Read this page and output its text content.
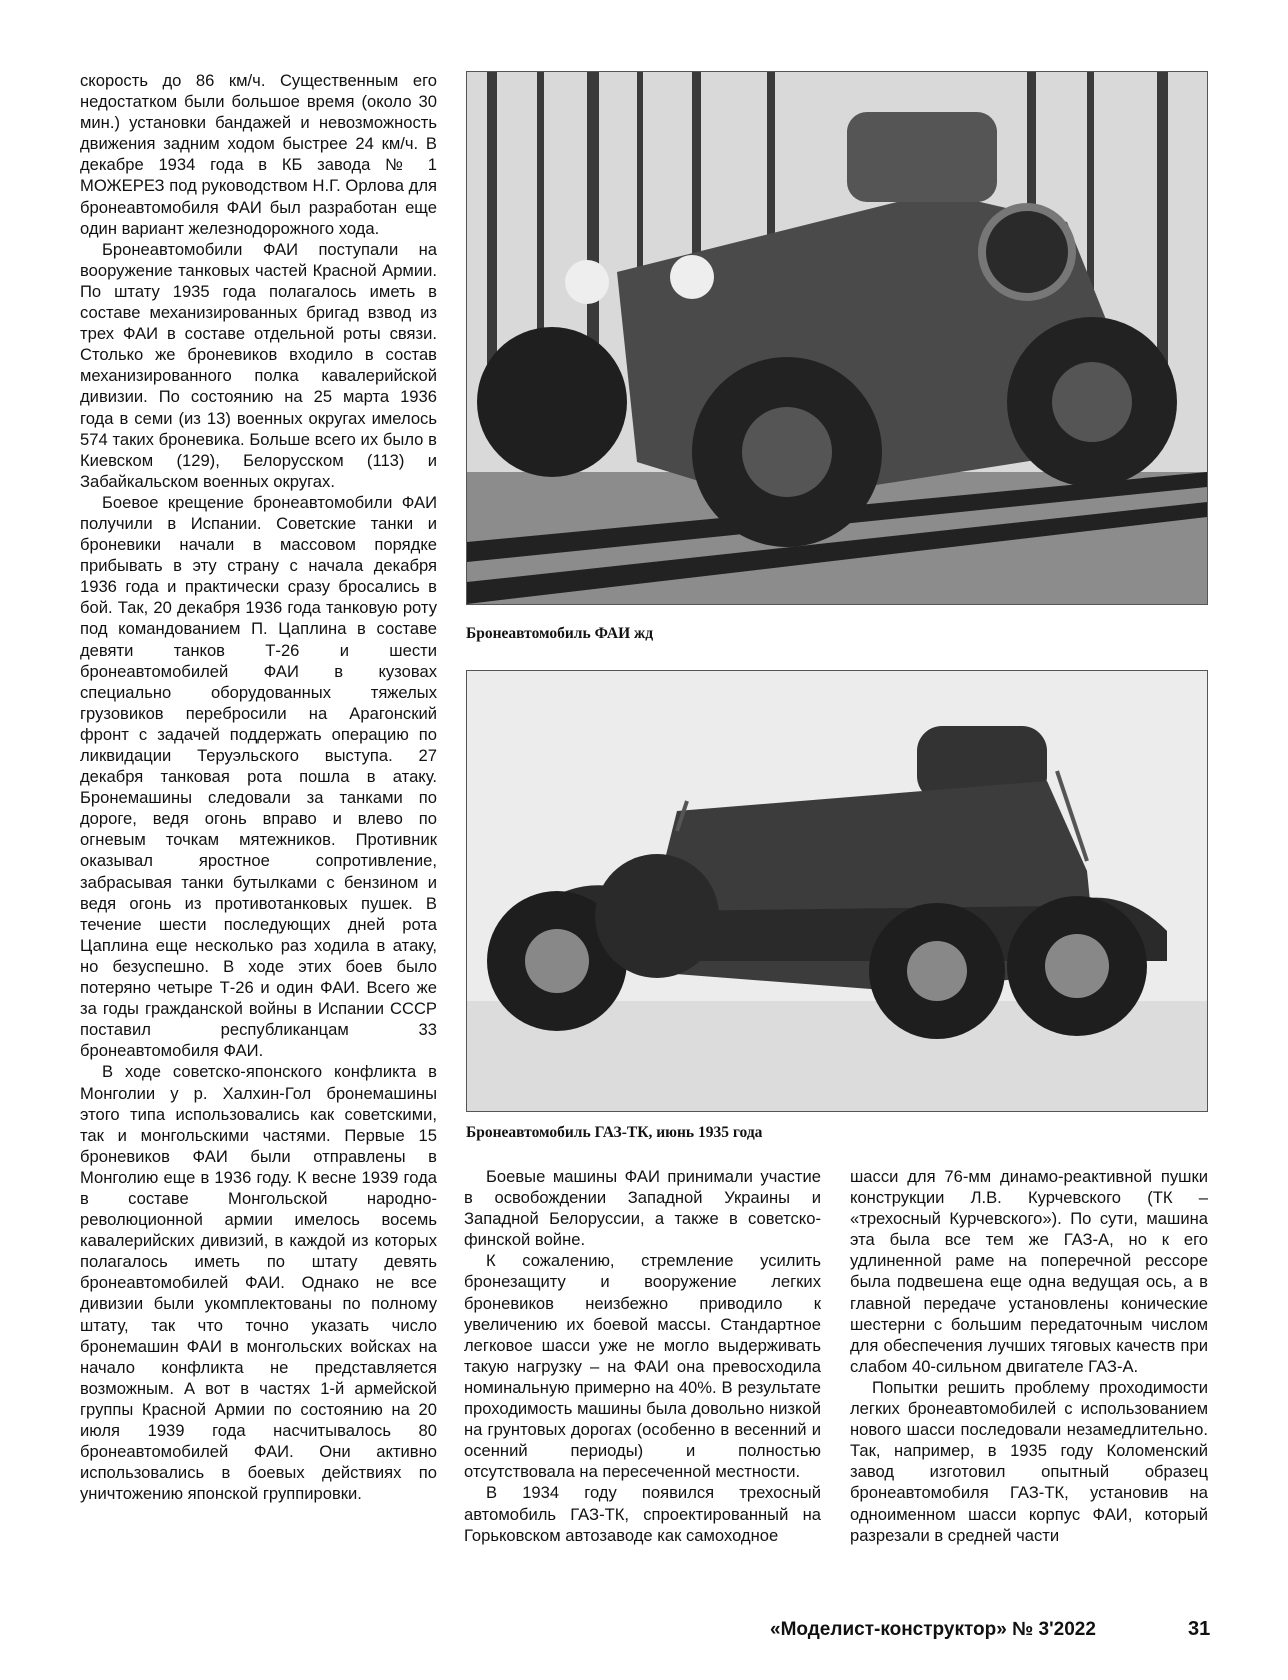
скорость до 86 км/ч. Существенным его недостатком были большое время (около 30 мин.) установки бандажей и невозможность движения задним ходом быстрее 24 км/ч. В декабре 1934 года в КБ завода № 1 МОЖЕРЕЗ под руководством Н.Г. Орлова для бронеавтомобиля ФАИ был разработан еще один вариант железнодорожного хода.

Бронеавтомобили ФАИ поступали на вооружение танковых частей Красной Армии. По штату 1935 года полагалось иметь в составе механизированных бригад взвод из трех ФАИ в составе отдельной роты связи. Столько же броневиков входило в состав механизированного полка кавалерийской дивизии. По состоянию на 25 марта 1936 года в семи (из 13) военных округах имелось 574 таких броневика. Больше всего их было в Киевском (129), Белорусском (113) и Забайкальском военных округах.

Боевое крещение бронеавтомобили ФАИ получили в Испании. Советские танки и броневики начали в массовом порядке прибывать в эту страну с начала декабря 1936 года и практически сразу бросались в бой. Так, 20 декабря 1936 года танковую роту под командованием П. Цаплина в составе девяти танков Т-26 и шести бронеавтомобилей ФАИ в кузовах специально оборудованных тяжелых грузовиков перебросили на Арагонский фронт с задачей поддержать операцию по ликвидации Теруэльского выступа. 27 декабря танковая рота пошла в атаку. Бронемашины следовали за танками по дороге, ведя огонь вправо и влево по огневым точкам мятежников. Противник оказывал яростное сопротивление, забрасывая танки бутылками с бензином и ведя огонь из противотанковых пушек. В течение шести последующих дней рота Цаплина еще несколько раз ходила в атаку, но безуспешно. В ходе этих боев было потеряно четыре Т-26 и один ФАИ. Всего же за годы гражданской войны в Испании СССР поставил республиканцам 33 бронеавтомобиля ФАИ.

В ходе советско-японского конфликта в Монголии у р. Халхин-Гол бронемашины этого типа использовались как советскими, так и монгольскими частями. Первые 15 броневиков ФАИ были отправлены в Монголию еще в 1936 году. К весне 1939 года в составе Монгольской народно-революционной армии имелось восемь кавалерийских дивизий, в каждой из которых полагалось иметь по штату девять бронеавтомобилей ФАИ. Однако не все дивизии были укомплектованы по полному штату, так что точно указать число бронемашин ФАИ в монгольских войсках на начало конфликта не представляется возможным. А вот в частях 1-й армейской группы Красной Армии по состоянию на 20 июля 1939 года насчитывалось 80 бронеавтомобилей ФАИ. Они активно использовались в боевых действиях по уничтожению японской группировки.

Бронеавтомобиль ФАИ жд
Бронеавтомобиль ГАЗ-ТК, июнь 1935 года

Боевые машины ФАИ принимали участие в освобождении Западной Украины и Западной Белоруссии, а также в советско-финской войне.

К сожалению, стремление усилить бронезащиту и вооружение легких броневиков неизбежно приводило к увеличению их боевой массы. Стандартное легковое шасси уже не могло выдерживать такую нагрузку – на ФАИ она превосходила номинальную примерно на 40%. В результате проходимость машины была довольно низкой на грунтовых дорогах (особенно в весенний и осенний периоды) и полностью отсутствовала на пересеченной местности.

В 1934 году появился трехосный автомобиль ГАЗ-ТК, спроектированный на Горьковском автозаводе как самоходное

шасси для 76-мм динамо-реактивной пушки конструкции Л.В. Курчевского (ТК – «трехосный Курчевского»). По сути, машина эта была все тем же ГАЗ-А, но к его удлиненной раме на поперечной рессоре была подвешена еще одна ведущая ось, а в главной передаче установлены конические шестерни с большим передаточным числом для обеспечения лучших тяговых качеств при слабом 40-сильном двигателе ГАЗ-А.

Попытки решить проблему проходимости легких бронеавтомобилей с использованием нового шасси последовали незамедлительно. Так, например, в 1935 году Коломенский завод изготовил опытный образец бронеавтомобиля ГАЗ-ТК, установив на одноименном шасси корпус ФАИ, который разрезали в средней части

«Моделист-конструктор» № 3'2022	31
